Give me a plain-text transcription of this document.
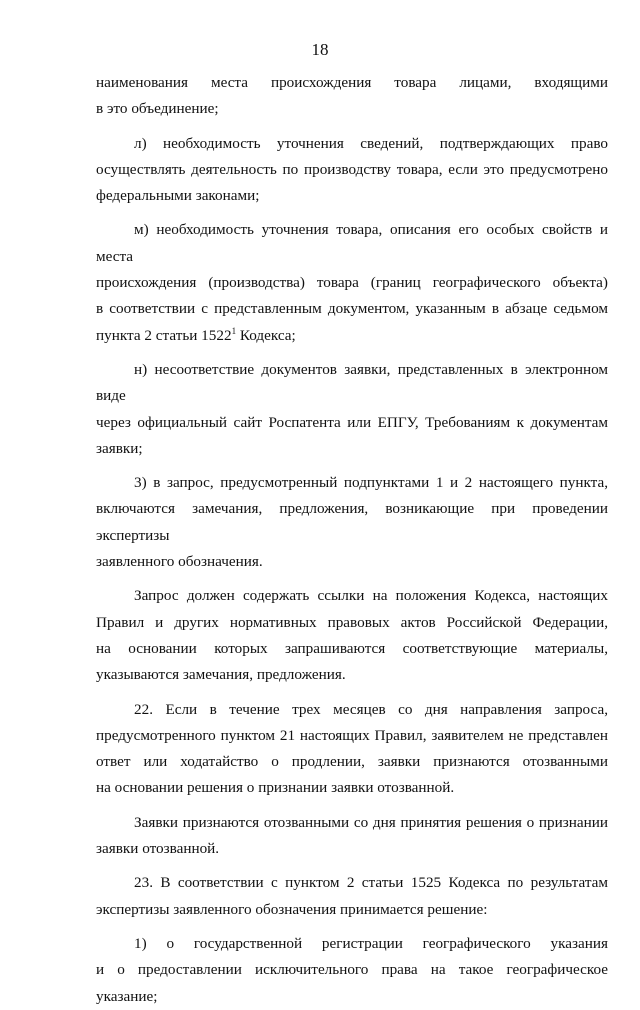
18
наименования места происхождения товара лицами, входящими
в это объединение;
л) необходимость уточнения сведений, подтверждающих право
осуществлять деятельность по производству товара, если это предусмотрено
федеральными законами;
м) необходимость уточнения товара, описания его особых свойств и места
происхождения (производства) товара (границ географического объекта)
в соответствии с представленным документом, указанным в абзаце седьмом
пункта 2 статьи 1522$^1$ Кодекса;
н) несоответствие документов заявки, представленных в электронном виде
через официальный сайт Роспатента или ЕПГУ, Требованиям к документам
заявки;
3) в запрос, предусмотренный подпунктами 1 и 2 настоящего пункта,
включаются замечания, предложения, возникающие при проведении экспертизы
заявленного обозначения.
Запрос должен содержать ссылки на положения Кодекса, настоящих
Правил и других нормативных правовых актов Российской Федерации,
на основании которых запрашиваются соответствующие материалы,
указываются замечания, предложения.
22. Если в течение трех месяцев со дня направления запроса,
предусмотренного пунктом 21 настоящих Правил, заявителем не представлен
ответ или ходатайство о продлении, заявки признаются отозванными
на основании решения о признании заявки отозванной.
Заявки признаются отозванными со дня принятия решения о признании
заявки отозванной.
23. В соответствии с пунктом 2 статьи 1525 Кодекса по результатам
экспертизы заявленного обозначения принимается решение:
1) о государственной регистрации географического указания
и о предоставлении исключительного права на такое географическое указание;
